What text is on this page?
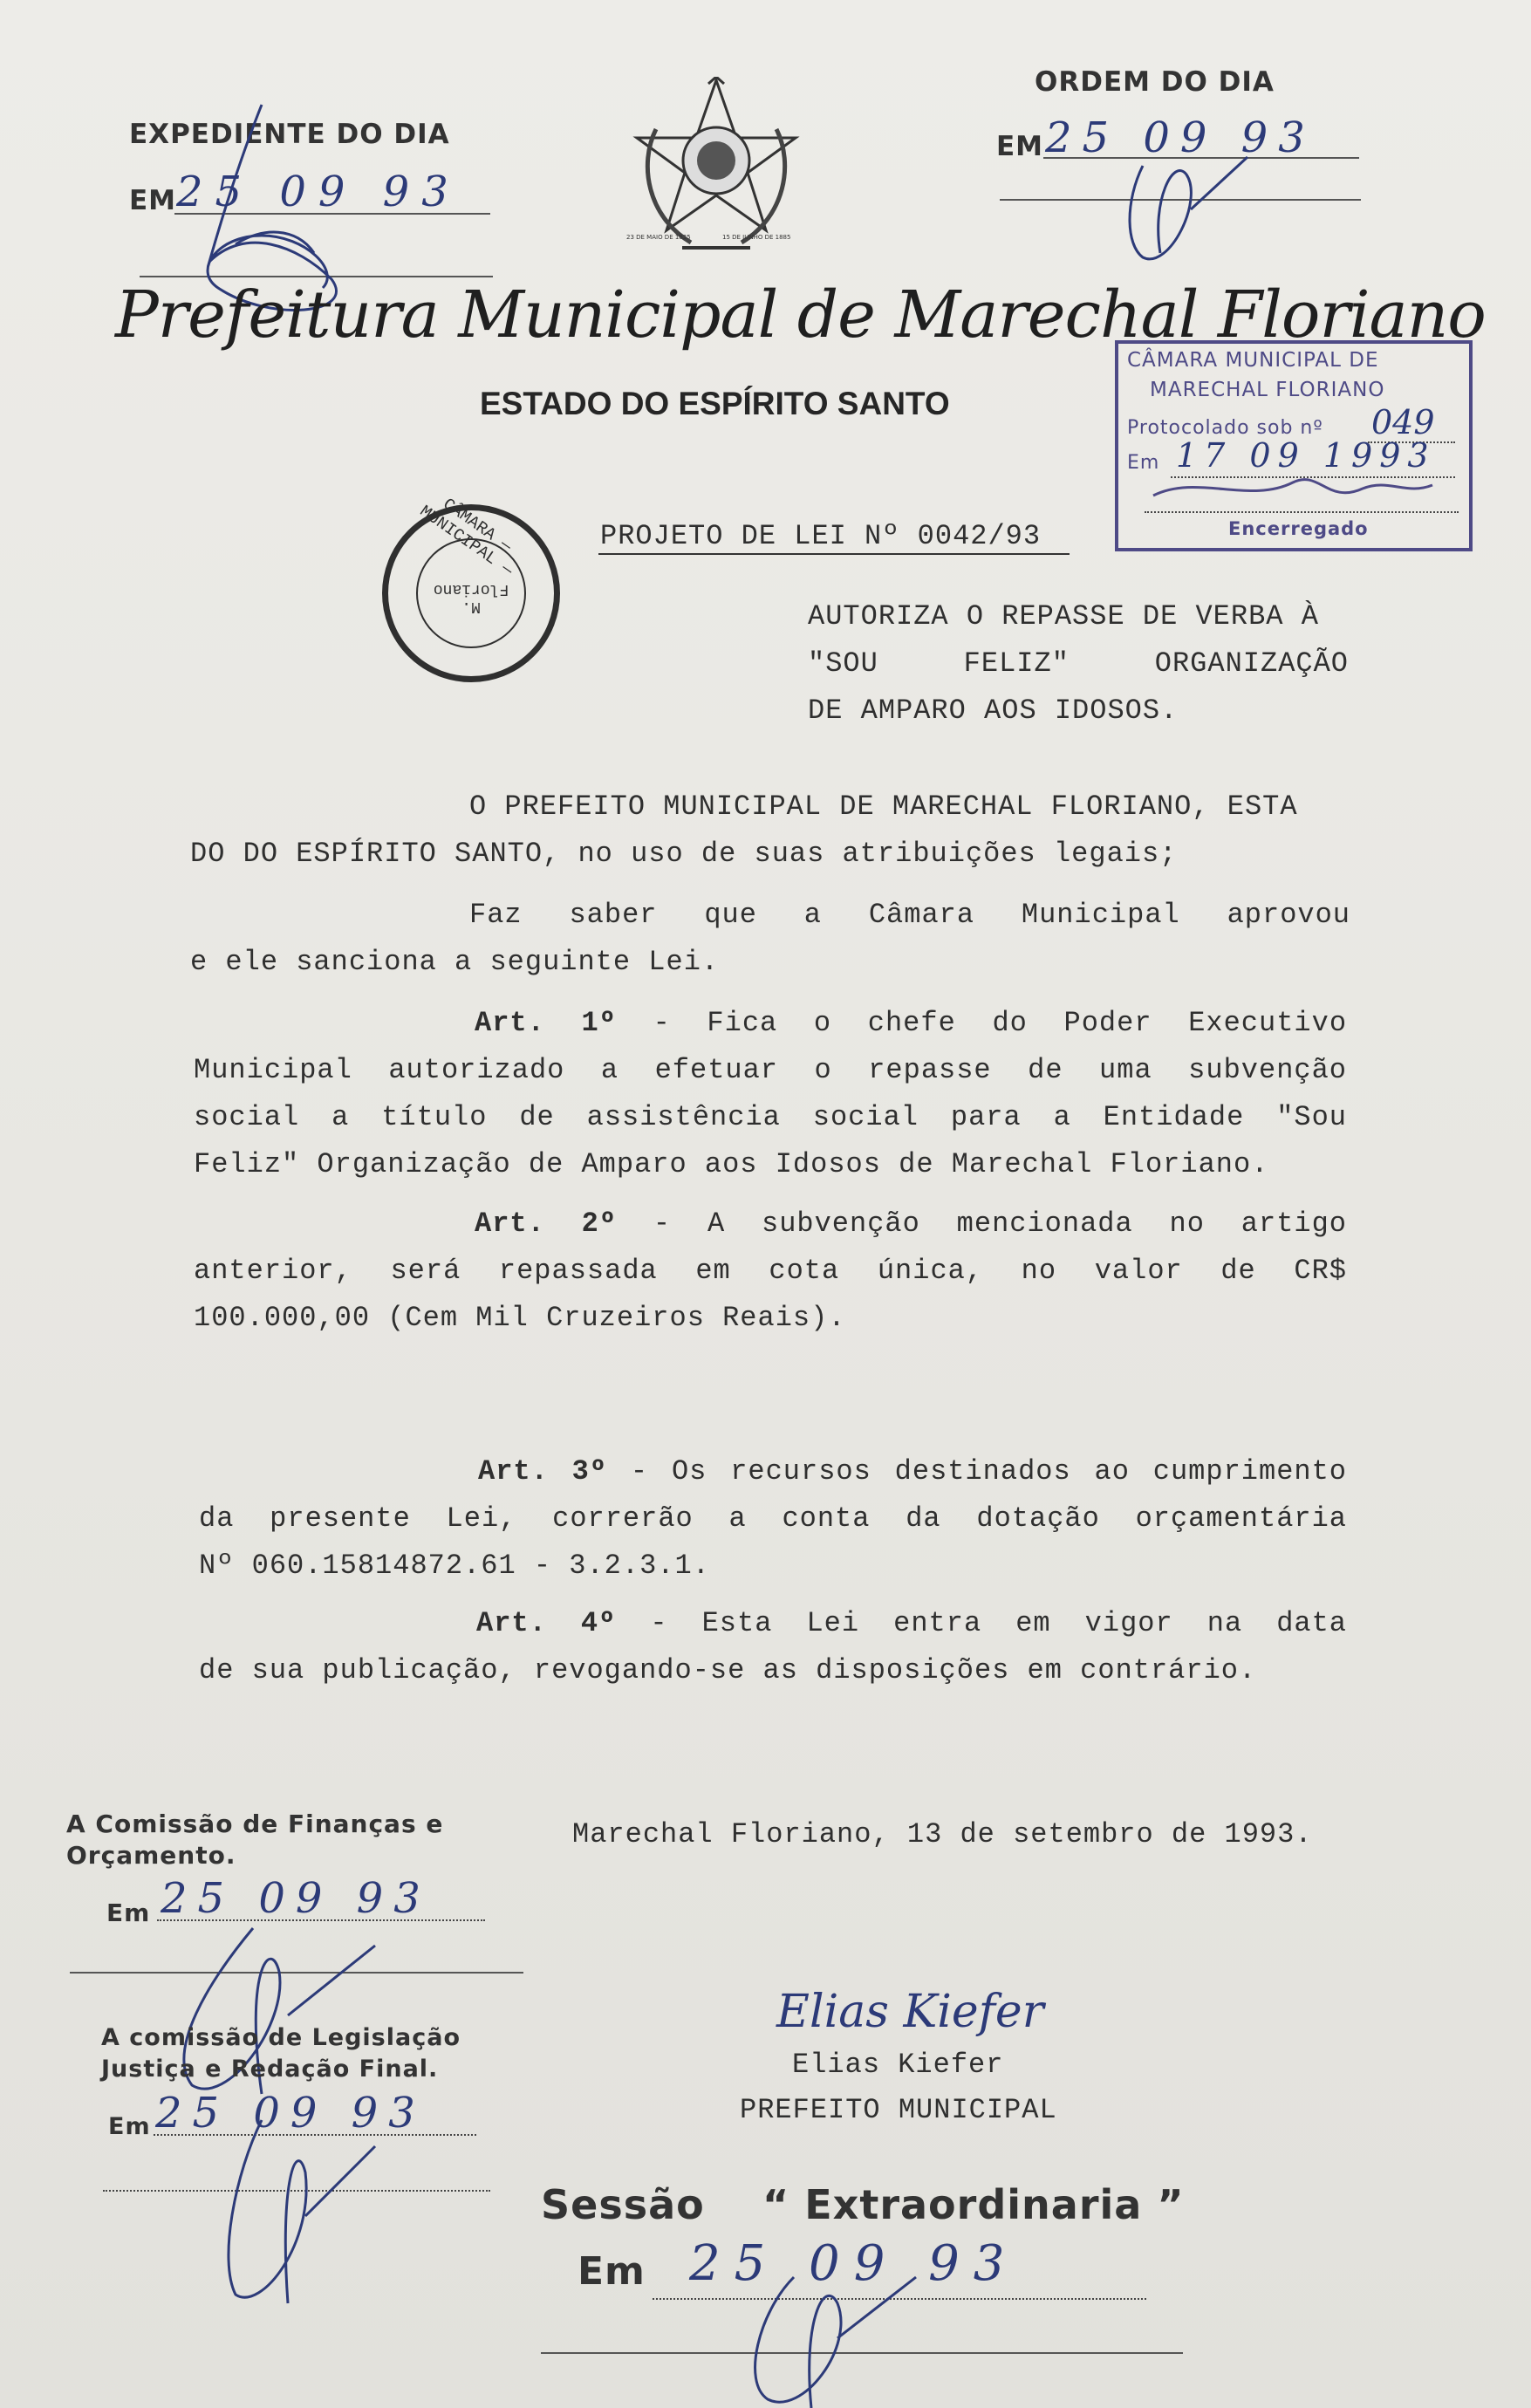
EXPEDIENTE DO DIA
EM 25 09 93
23 DE MAIO DE 1835	15 DE JUNHO DE 1885
ORDEM DO DIA
EM 25 09 93
Prefeitura Municipal de Marechal Floriano
ESTADO DO ESPÍRITO SANTO
CÂMARA MUNICIPAL DE
MARECHAL FLORIANO
Protocolado sob nº 049
Em 17 09 1993
Encerregado
CÂMARA — MUNICIPAL —
M. Floriano
PROJETO DE LEI Nº 0042/93
AUTORIZA O REPASSE DE VERBA À
"SOU FELIZ" ORGANIZAÇÃO
DE AMPARO AOS IDOSOS.
O PREFEITO MUNICIPAL DE MARECHAL FLORIANO, ESTA
DO DO ESPÍRITO SANTO, no uso de suas atribuições legais;
Faz saber que a Câmara Municipal aprovou
e ele sanciona a seguinte Lei.
Art. 1º - Fica o chefe do Poder Executivo
Municipal autorizado a efetuar o repasse de uma subvenção
social a título de assistência social para a Entidade "Sou
Feliz" Organização de Amparo aos Idosos de Marechal Floriano.
Art. 2º - A subvenção mencionada no artigo
anterior, será repassada em cota única, no valor de CR$
100.000,00 (Cem Mil Cruzeiros Reais).
Art. 3º - Os recursos destinados ao cumprimento
da presente Lei, correrão a conta da dotação orçamentária
Nº 060.15814872.61 - 3.2.3.1.
Art. 4º - Esta Lei entra em vigor na data
de sua publicação, revogando-se as disposições em contrário.
Marechal Floriano, 13 de setembro de 1993.
Elias Kiefer
Elias Kiefer
PREFEITO MUNICIPAL
A Comissão de Finanças e
Orçamento.
Em 25 09 93
A comissão de Legislação
Justiça e Redação Final.
Em 25 09 93
Sessão “ Extraordinaria ”
Em 25 09 93
